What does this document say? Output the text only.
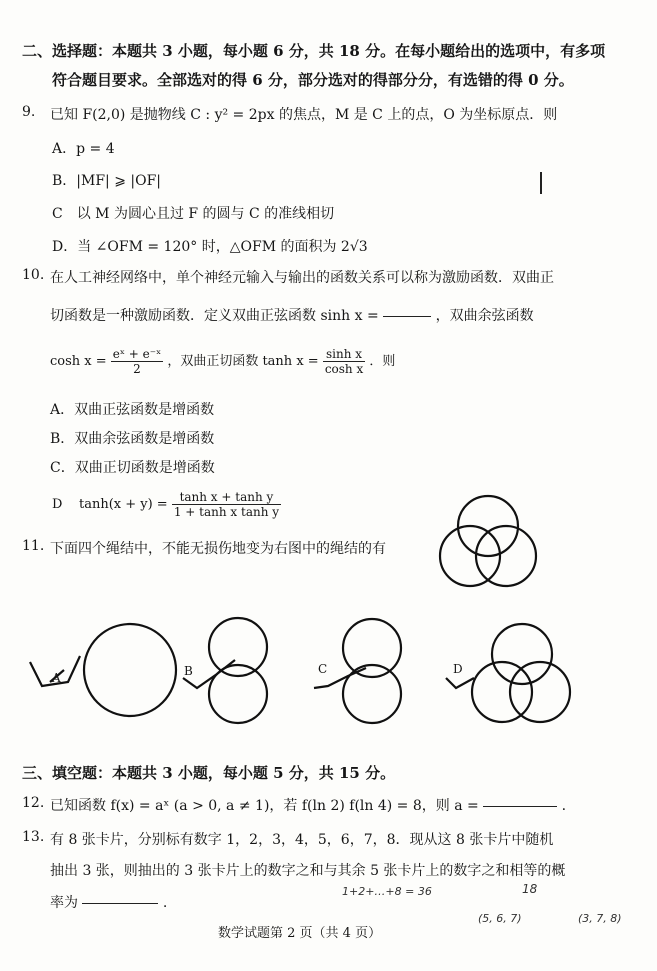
二、选择题：本题共 3 小题，每小题 6 分，共 18 分。在每小题给出的选项中，有多项
符合题目要求。全部选对的得 6 分，部分选对的得部分分，有选错的得 0 分。
9. 已知 F(2,0) 是抛物线 C : y² = 2px 的焦点，M 是 C 上的点，O 为坐标原点．则
A．p = 4
B．|MF| ⩾ |OF|
C　以 M 为圆心且过 F 的圆与 C 的准线相切
D．当 ∠OFM = 120° 时，△OFM 的面积为 2√3
10. 在人工神经网络中，单个神经元输入与输出的函数关系可以称为激励函数．双曲正
切函数是一种激励函数．定义双曲正弦函数 sinh x =	，双曲余弦函数
$\cosh x = \frac{\text{eˣ + e⁻ˣ}}{2}$ ，双曲正切函数 $\tanh x = \frac{\text{sinh x}}{\text{cosh x}}$ ．则
A．双曲正弦函数是增函数
B．双曲余弦函数是增函数
C．双曲正切函数是增函数
D $\tanh(x + y) = \frac{\text{tanh x + tanh y}}{\text{1 + tanh x tanh y}}$
11. 下面四个绳结中，不能无损伤地变为右图中的绳结的有
A	B	C	D
三、填空题：本题共 3 小题，每小题 5 分，共 15 分。
12. 已知函数 f(x) = aˣ (a > 0, a ≠ 1)，若 f(ln 2) f(ln 4) = 8，则 a =	.
13. 有 8 张卡片，分别标有数字 1，2，3，4，5，6，7，8．现从这 8 张卡片中随机
抽出 3 张，则抽出的 3 张卡片上的数字之和与其余 5 张卡片上的数字之和相等的概
率为	.
1+2+…+8 = 36	18
(5, 6, 7)	(3, 7, 8)
数学试题第 2 页（共 4 页）
